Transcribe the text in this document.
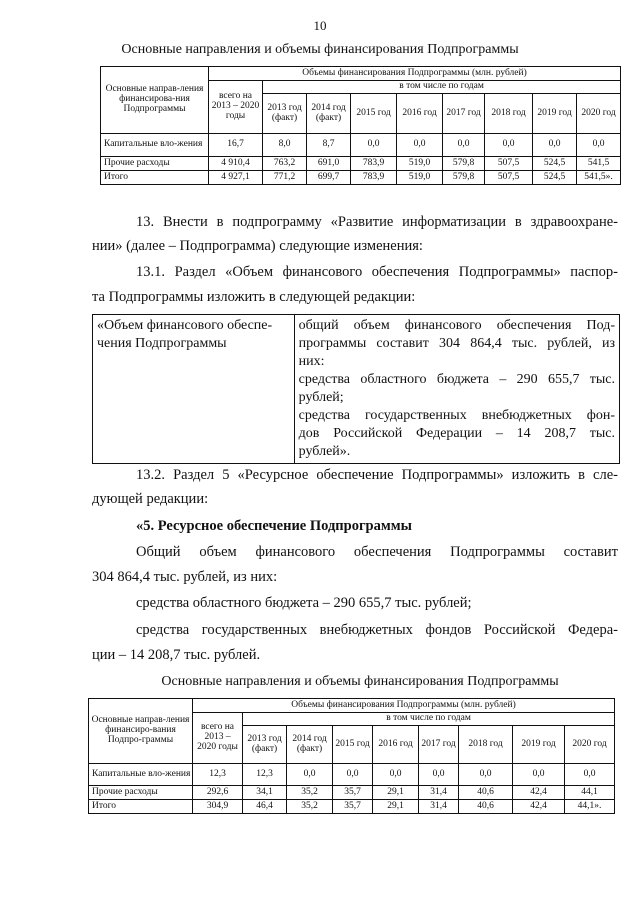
10
Основные направления и объемы финансирования Подпрограммы
Основные направ-ления финансирова-ния Подпрограммы	Объемы финансирования Подпрограммы (млн. рублей)								
	всего на 2013 – 2020 годы	в том числе по годам							
		2013 год (факт)	2014 год (факт)	2015 год	2016 год	2017 год	2018 год	2019 год	2020 год
Капитальные вло-жения	16,7	8,0	8,7	0,0	0,0	0,0	0,0	0,0	0,0
Прочие расходы	4 910,4	763,2	691,0	783,9	519,0	579,8	507,5	524,5	541,5
Итого	4 927,1	771,2	699,7	783,9	519,0	579,8	507,5	524,5	541,5».
13. Внести в подпрограмму «Развитие информатизации в здравоохране-
нии» (далее – Подпрограмма) следующие изменения:
13.1. Раздел «Объем финансового обеспечения Подпрограммы» паспор-
та Подпрограммы изложить в следующей редакции:
«Объем финансового обеспе-
чения Подпрограммы

общий объем финансового обеспечения Под-
программы составит 304 864,4 тыс. рублей, из
них:
средства областного бюджета – 290 655,7 тыс.
рублей;
средства государственных внебюджетных фон-
дов Российской Федерации – 14 208,7 тыс.
рублей».
13.2. Раздел 5 «Ресурсное обеспечение Подпрограммы» изложить в сле-
дующей редакции:
«5. Ресурсное обеспечение Подпрограммы
Общий объем финансового обеспечения Подпрограммы составит
304 864,4 тыс. рублей, из них:
средства областного бюджета – 290 655,7 тыс. рублей;
средства государственных внебюджетных фондов Российской Федера-
ции – 14 208,7 тыс. рублей.
Основные направления и объемы финансирования Подпрограммы
Основные направ-ления финансиро-вания Подпро-граммы	Объемы финансирования Подпрограммы (млн. рублей)								
	всего на 2013 – 2020 годы	в том числе по годам							
		2013 год (факт)	2014 год (факт)	2015 год	2016 год	2017 год	2018 год	2019 год	2020 год
Капитальные вло-жения	12,3	12,3	0,0	0,0	0,0	0,0	0,0	0,0	0,0
Прочие расходы	292,6	34,1	35,2	35,7	29,1	31,4	40,6	42,4	44,1
Итого	304,9	46,4	35,2	35,7	29,1	31,4	40,6	42,4	44,1».
